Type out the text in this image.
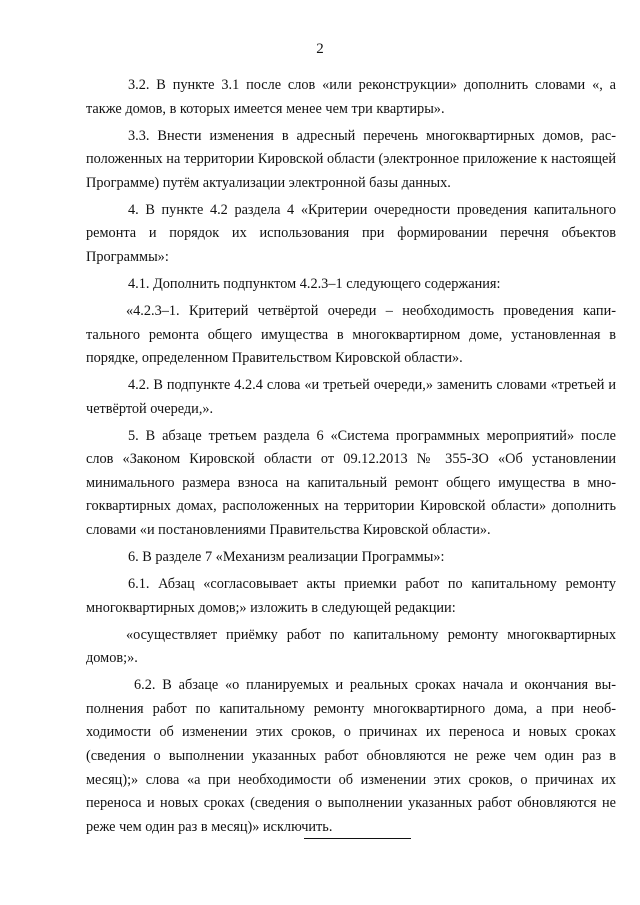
2

3.2. В пункте 3.1 после слов «или реконструкции» дополнить словами «, а также домов, в которых имеется менее чем три квартиры».

3.3. Внести изменения в адресный перечень многоквартирных домов, расположенных на территории Кировской области (электронное приложение к настоящей Программе) путём актуализации электронной базы данных.

4. В пункте 4.2 раздела 4 «Критерии очередности проведения капитального ремонта и порядок их использования при формировании перечня объектов Программы»:

4.1. Дополнить подпунктом 4.2.3–1 следующего содержания:

«4.2.3–1. Критерий четвёртой очереди – необходимость проведения капитального ремонта общего имущества в многоквартирном доме, установленная в порядке, определенном Правительством Кировской области».

4.2. В подпункте 4.2.4 слова «и третьей очереди,» заменить словами «третьей и четвёртой очереди,».

5. В абзаце третьем раздела 6 «Система программных мероприятий» после слов «Законом Кировской области от 09.12.2013 № 355-ЗО «Об установлении минимального размера взноса на капитальный ремонт общего имущества в многоквартирных домах, расположенных на территории Кировской области» дополнить словами «и постановлениями Правительства Кировской области».

6. В разделе 7 «Механизм реализации Программы»:

6.1. Абзац «согласовывает акты приемки работ по капитальному ремонту многоквартирных домов;» изложить в следующей редакции:

«осуществляет приёмку работ по капитальному ремонту многоквартирных домов;».

6.2. В абзаце «о планируемых и реальных сроках начала и окончания выполнения работ по капитальному ремонту многоквартирного дома, а при необходимости об изменении этих сроков, о причинах их переноса и новых сроках (сведения о выполнении указанных работ обновляются не реже чем один раз в месяц);» слова «а при необходимости об изменении этих сроков, о причинах их переноса и новых сроках (сведения о выполнении указанных работ обновляются не реже чем один раз в месяц)» исключить.
